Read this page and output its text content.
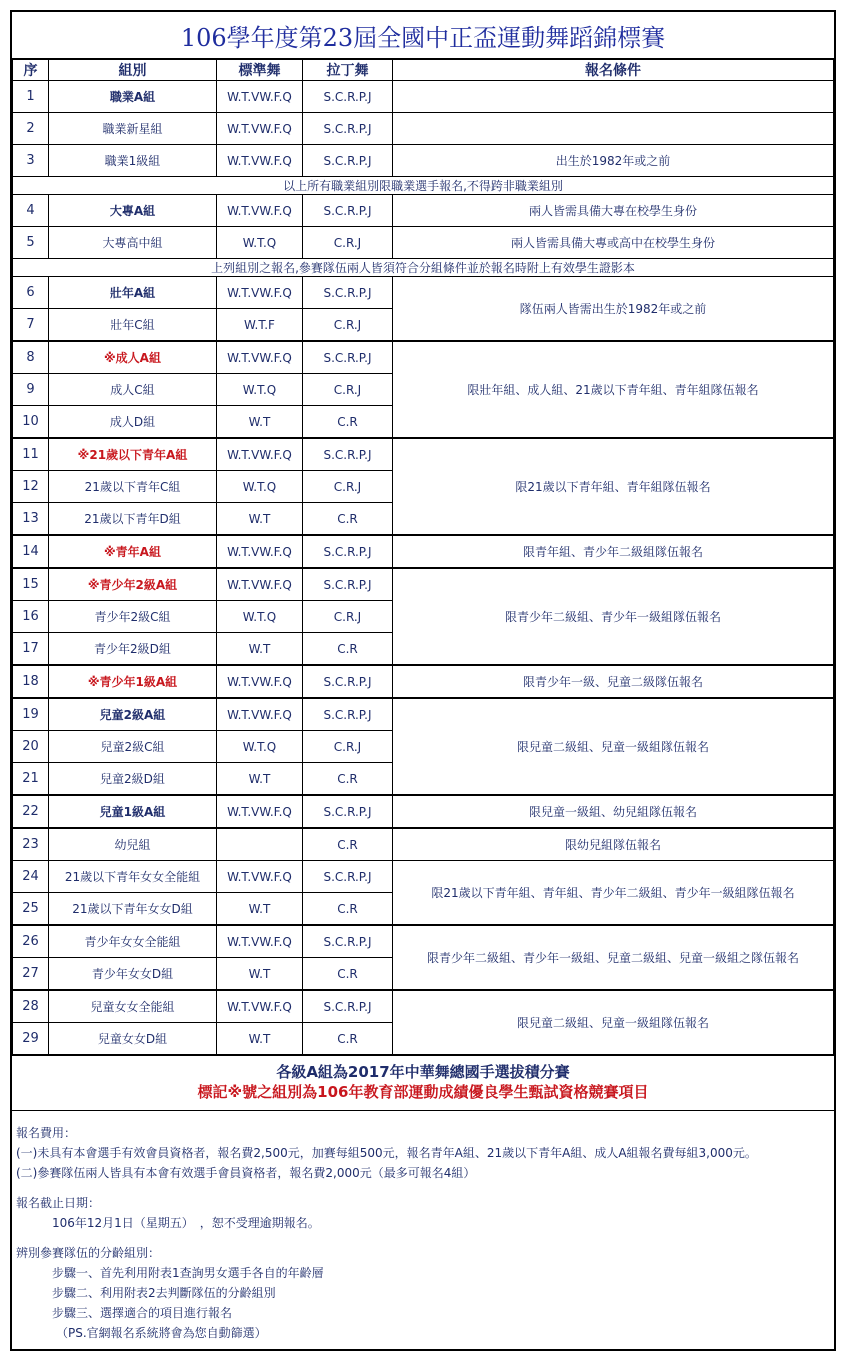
106學年度第23屆全國中正盃運動舞蹈錦標賽
序	組別	標準舞	拉丁舞	報名條件
1	職業A組	W.T.VW.F.Q	S.C.R.P.J	
2	職業新星組	W.T.VW.F.Q	S.C.R.P.J	
3	職業1級組	W.T.VW.F.Q	S.C.R.P.J	出生於1982年或之前
以上所有職業組別限職業選手報名,不得跨非職業組別				
4	大專A組	W.T.VW.F.Q	S.C.R.P.J	兩人皆需具備大專在校學生身份
5	大專高中組	W.T.Q	C.R.J	兩人皆需具備大專或高中在校學生身份
上列組別之報名,參賽隊伍兩人皆須符合分組條件並於報名時附上有效學生證影本				
6	壯年A組	W.T.VW.F.Q	S.C.R.P.J	隊伍兩人皆需出生於1982年或之前
7	壯年C組	W.T.F	C.R.J	
8	※成人A組	W.T.VW.F.Q	S.C.R.P.J	限壯年組、成人組、21歲以下青年組、青年組隊伍報名
9	成人C組	W.T.Q	C.R.J	
10	成人D組	W.T	C.R	
11	※21歲以下青年A組	W.T.VW.F.Q	S.C.R.P.J	限21歲以下青年組、青年組隊伍報名
12	21歲以下青年C組	W.T.Q	C.R.J	
13	21歲以下青年D組	W.T	C.R	
14	※青年A組	W.T.VW.F.Q	S.C.R.P.J	限青年組、青少年二級組隊伍報名
15	※青少年2級A組	W.T.VW.F.Q	S.C.R.P.J	限青少年二級組、青少年一級組隊伍報名
16	青少年2級C組	W.T.Q	C.R.J	
17	青少年2級D組	W.T	C.R	
18	※青少年1級A組	W.T.VW.F.Q	S.C.R.P.J	限青少年一級、兒童二級隊伍報名
19	兒童2級A組	W.T.VW.F.Q	S.C.R.P.J	限兒童二級組、兒童一級組隊伍報名
20	兒童2級C組	W.T.Q	C.R.J	
21	兒童2級D組	W.T	C.R	
22	兒童1級A組	W.T.VW.F.Q	S.C.R.P.J	限兒童一級組、幼兒組隊伍報名
23	幼兒組		C.R	限幼兒組隊伍報名
24	21歲以下青年女女全能組	W.T.VW.F.Q	S.C.R.P.J	限21歲以下青年組、青年組、青少年二級組、青少年一級組隊伍報名
25	21歲以下青年女女D組	W.T	C.R	
26	青少年女女全能組	W.T.VW.F.Q	S.C.R.P.J	限青少年二級組、青少年一級組、兒童二級組、兒童一級組之隊伍報名
27	青少年女女D組	W.T	C.R	
28	兒童女女全能組	W.T.VW.F.Q	S.C.R.P.J	限兒童二級組、兒童一級組隊伍報名
29	兒童女女D組	W.T	C.R	
各級A組為2017年中華舞總國手選拔積分賽
標記※號之組別為106年教育部運動成績優良學生甄試資格競賽項目
報名費用：
(一) 未具有本會選手有效會員資格者，報名費2,500元，加賽每組500元，報名青年A組、21歲以下青年A組、成人A組報名費每組3,000元。
(二) 參賽隊伍兩人皆具有本會有效選手會員資格者，報名費2,000元（最多可報名4組）
報名截止日期：
106年12月1日（星期五）　，恕不受理逾期報名。
辨別參賽隊伍的分齡組別：
步驟一、首先利用附表1查詢男女選手各自的年齡層
步驟二、利用附表2去判斷隊伍的分齡組別
步驟三、選擇適合的項目進行報名
（PS.官網報名系統將會為您自動篩選）
